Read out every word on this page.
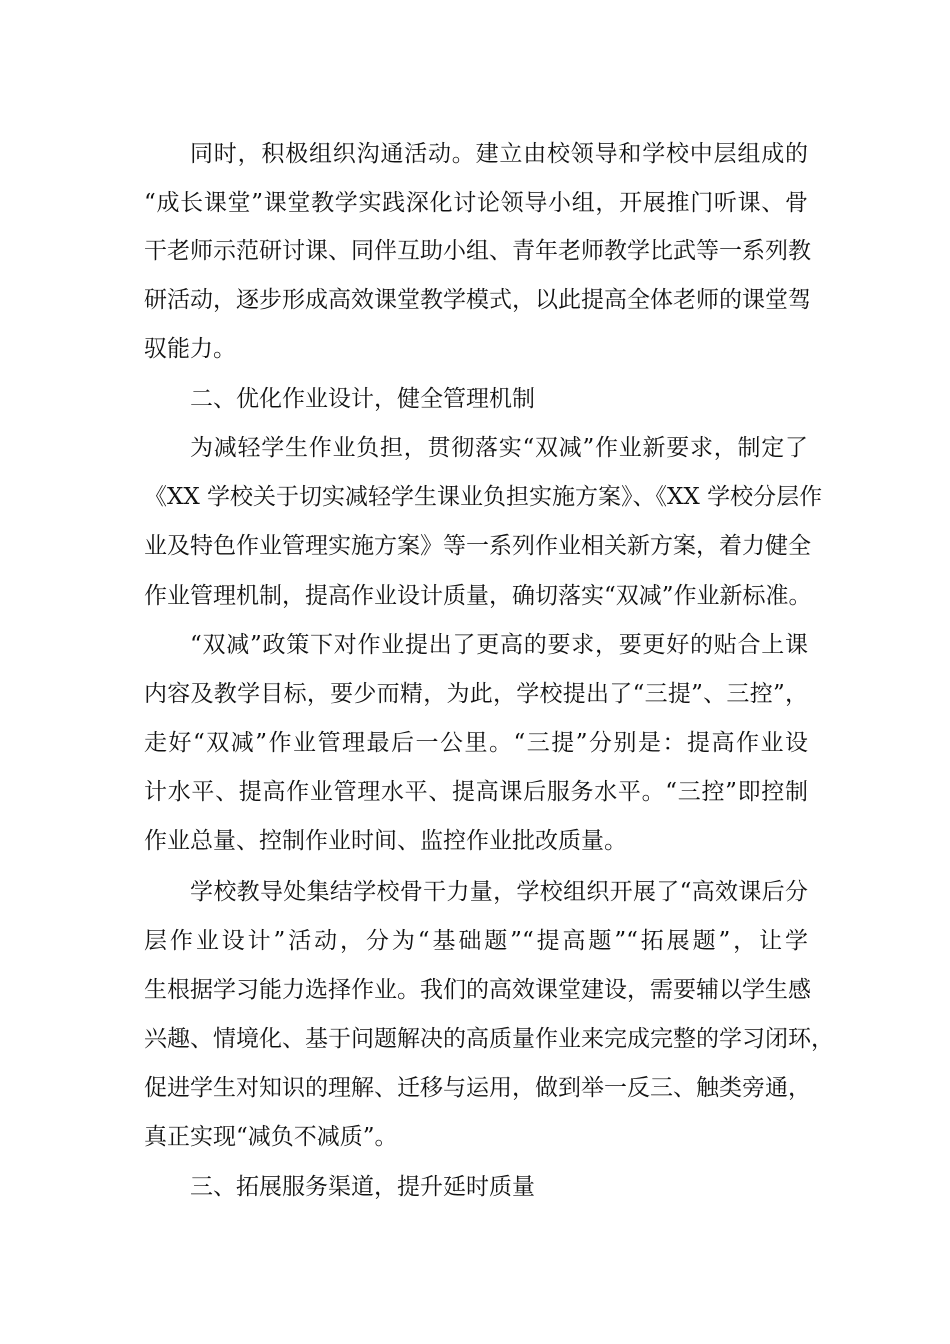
同时，积极组织沟通活动。建立由校领导和学校中层组成的
“成长课堂”课堂教学实践深化讨论领导小组，开展推门听课、骨
干老师示范研讨课、同伴互助小组、青年老师教学比武等一系列教
研活动，逐步形成高效课堂教学模式，以此提高全体老师的课堂驾
驭能力。
二、优化作业设计，健全管理机制
为减轻学生作业负担，贯彻落实“双减”作业新要求，制定了
《XX 学校关于切实减轻学生课业负担实施方案》、《XX 学校分层作
业及特色作业管理实施方案》等一系列作业相关新方案，着力健全
作业管理机制，提高作业设计质量，确切落实“双减”作业新标准。
“双减”政策下对作业提出了更高的要求，要更好的贴合上课
内容及教学目标，要少而精，为此，学校提出了“三提”、三控”，
走好“双减”作业管理最后一公里。“三提”分别是：提高作业设
计水平、提高作业管理水平、提高课后服务水平。“三控”即控制
作业总量、控制作业时间、监控作业批改质量。
学校教导处集结学校骨干力量，学校组织开展了“高效课后分
层作业设计”活动，分为“基础题”“提高题”“拓展题”，让学
生根据学习能力选择作业。我们的高效课堂建设，需要辅以学生感
兴趣、情境化、基于问题解决的高质量作业来完成完整的学习闭环，
促进学生对知识的理解、迁移与运用，做到举一反三、触类旁通，
真正实现“减负不减质”。
三、拓展服务渠道，提升延时质量
